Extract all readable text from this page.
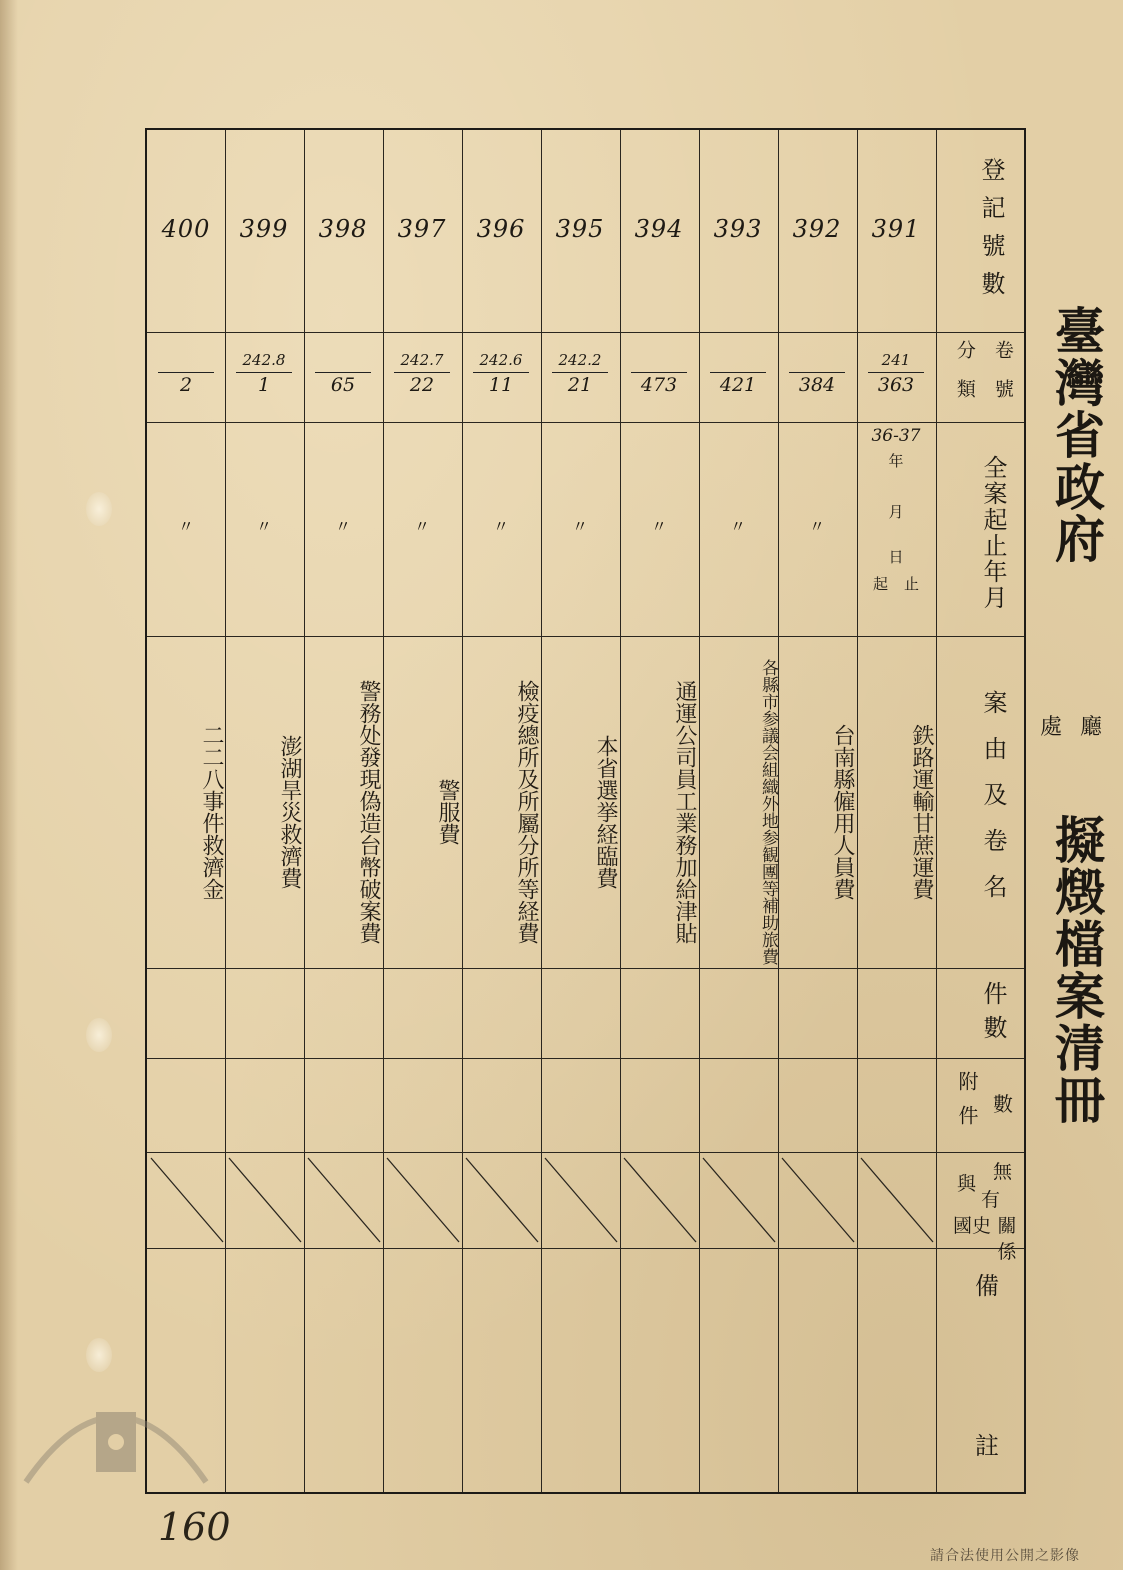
臺灣省政府
廳
處
擬燬檔案清冊
登記號數
分類 卷號
全案起止年月
案由及卷名
件數
附件 數
無
有
關係
與
國史
備
註
391
241
363
36-37
年
月
日
起 止
鉄路運輸甘蔗運費
392

384
〃
台南縣僱用人員費
393

421
〃
各縣市参議会組織外地参観團等補助旅費
394

473
〃
通運公司員工業務加給津貼
395
242.2
21
〃
本省選挙経臨費
396
242.6
11
〃
檢疫總所及所屬分所等経費
397
242.7
22
〃
警服費
398

65
〃
警務处發現偽造台幣破案費
399
242.8
1
〃
澎湖旱災救濟費
400

2
〃
二二八事件救濟金
160
請合法使用公開之影像
